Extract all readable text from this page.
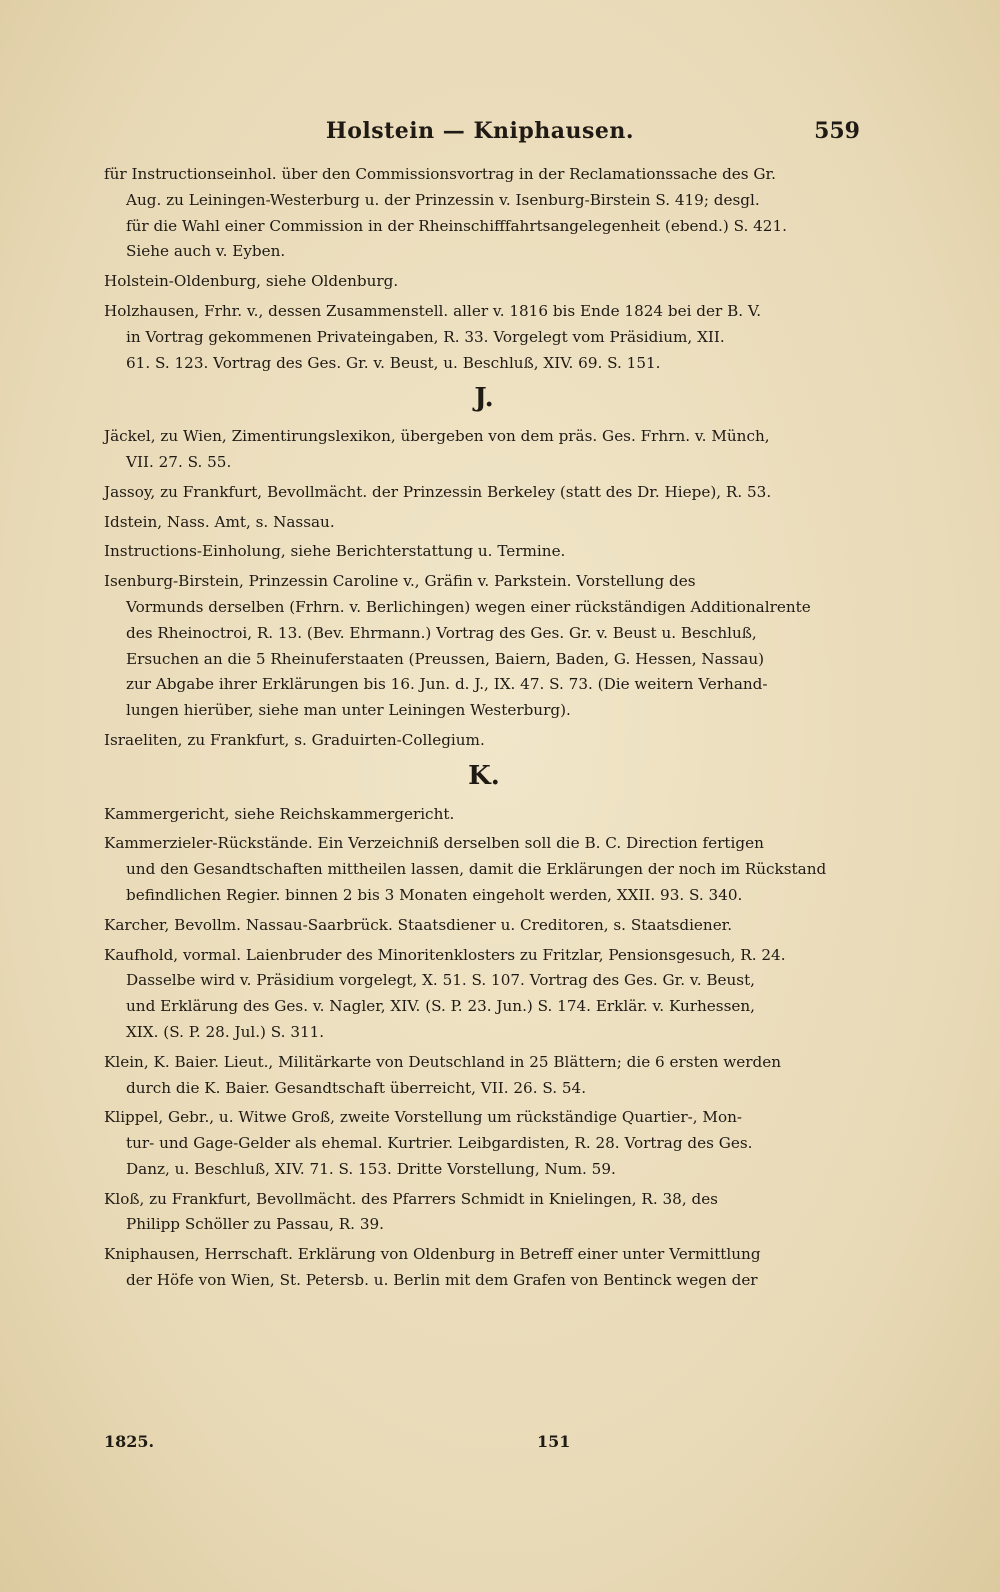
Holstein — Kniphausen.	559
für Instructionseinhol. über den Commissionsvortrag in der Reclamationssache des Gr.
Aug. zu Leiningen-Westerburg u. der Prinzessin v. Isenburg-Birstein S. 419; desgl.
für die Wahl einer Commission in der Rheinschifffahrtsangelegenheit (ebend.) S. 421.
Siehe auch v. Eyben.
Holstein-Oldenburg, siehe Oldenburg.
Holzhausen, Frhr. v., dessen Zusammenstell. aller v. 1816 bis Ende 1824 bei der B. V.
in Vortrag gekommenen Privateingaben, R. 33. Vorgelegt vom Präsidium, XII.
61. S. 123. Vortrag des Ges. Gr. v. Beust, u. Beschluß, XIV. 69. S. 151.
J.
Jäckel, zu Wien, Zimentirungslexikon, übergeben von dem präs. Ges. Frhrn. v. Münch,
VII. 27. S. 55.
Jassoy, zu Frankfurt, Bevollmächt. der Prinzessin Berkeley (statt des Dr. Hiepe), R. 53.
Idstein, Nass. Amt, s. Nassau.
Instructions-Einholung, siehe Berichterstattung u. Termine.
Isenburg-Birstein, Prinzessin Caroline v., Gräfin v. Parkstein. Vorstellung des
Vormunds derselben (Frhrn. v. Berlichingen) wegen einer rückständigen Additionalrente
des Rheinoctroi, R. 13. (Bev. Ehrmann.) Vortrag des Ges. Gr. v. Beust u. Beschluß,
Ersuchen an die 5 Rheinuferstaaten (Preussen, Baiern, Baden, G. Hessen, Nassau)
zur Abgabe ihrer Erklärungen bis 16. Jun. d. J., IX. 47. S. 73. (Die weitern Verhand-
lungen hierüber, siehe man unter Leiningen Westerburg).
Israeliten, zu Frankfurt, s. Graduirten-Collegium.
K.
Kammergericht, siehe Reichskammergericht.
Kammerzieler-Rückstände. Ein Verzeichniß derselben soll die B. C. Direction fertigen
und den Gesandtschaften mittheilen lassen, damit die Erklärungen der noch im Rückstand
befindlichen Regier. binnen 2 bis 3 Monaten eingeholt werden, XXII. 93. S. 340.
Karcher, Bevollm. Nassau-Saarbrück. Staatsdiener u. Creditoren, s. Staatsdiener.
Kaufhold, vormal. Laienbruder des Minoritenklosters zu Fritzlar, Pensionsgesuch, R. 24.
Dasselbe wird v. Präsidium vorgelegt, X. 51. S. 107. Vortrag des Ges. Gr. v. Beust,
und Erklärung des Ges. v. Nagler, XIV. (S. P. 23. Jun.) S. 174. Erklär. v. Kurhessen,
XIX. (S. P. 28. Jul.) S. 311.
Klein, K. Baier. Lieut., Militärkarte von Deutschland in 25 Blättern; die 6 ersten werden
durch die K. Baier. Gesandtschaft überreicht, VII. 26. S. 54.
Klippel, Gebr., u. Witwe Groß, zweite Vorstellung um rückständige Quartier-, Mon-
tur- und Gage-Gelder als ehemal. Kurtrier. Leibgardisten, R. 28. Vortrag des Ges.
Danz, u. Beschluß, XIV. 71. S. 153. Dritte Vorstellung, Num. 59.
Kloß, zu Frankfurt, Bevollmächt. des Pfarrers Schmidt in Knielingen, R. 38, des
Philipp Schöller zu Passau, R. 39.
Kniphausen, Herrschaft. Erklärung von Oldenburg in Betreff einer unter Vermittlung
der Höfe von Wien, St. Petersb. u. Berlin mit dem Grafen von Bentinck wegen der
1825.	151
